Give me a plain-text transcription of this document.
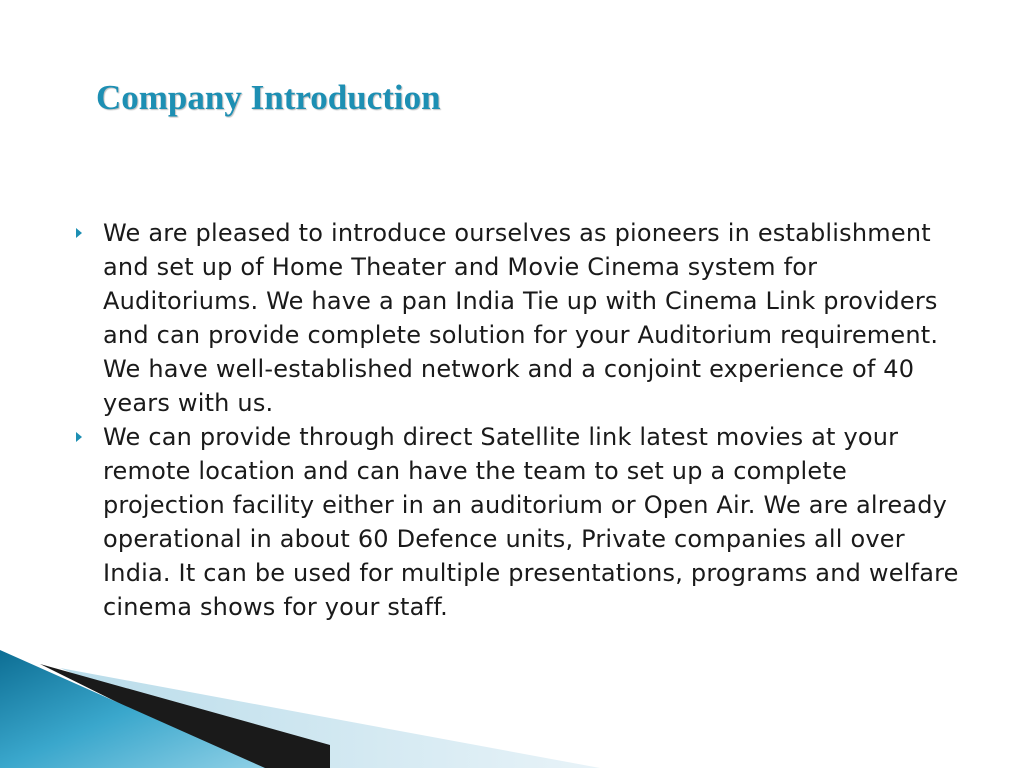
Company Introduction
We are pleased to introduce ourselves as pioneers in establishment and set up of Home Theater and Movie Cinema system for Auditoriums. We have a pan India Tie up with Cinema Link providers and can provide complete solution for your Auditorium requirement. We have well-established network and a conjoint experience of 40 years with us.
We can provide through direct Satellite link latest movies at your remote location and can have the team to set up a complete projection facility either in an auditorium or Open Air. We are already operational in about 60 Defence units, Private companies all over India. It can be used for multiple presentations, programs and welfare cinema shows for your staff.
